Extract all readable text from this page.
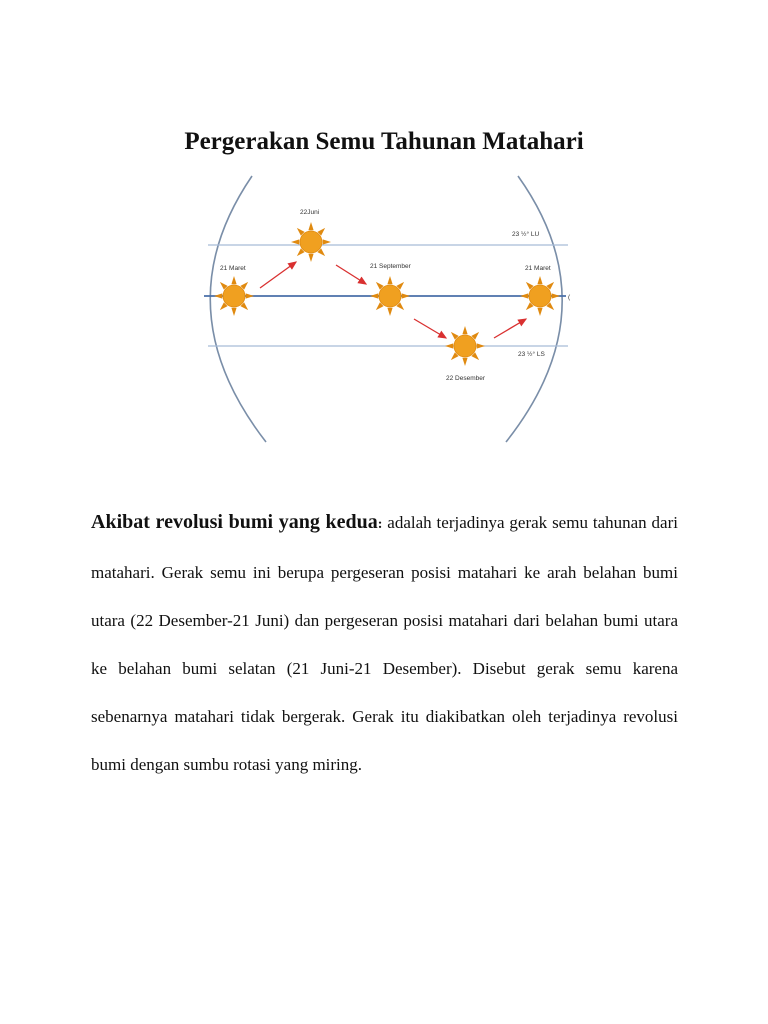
Pergerakan Semu Tahunan Matahari
21 Maret
22Juni
21 September	21 Maret
22 Desember
23 ½° LU
23 ½° LS
(

Akibat revolusi bumi yang kedua: adalah terjadinya gerak semu tahunan dari matahari. Gerak semu ini berupa pergeseran posisi matahari ke arah belahan bumi utara (22 Desember-21 Juni) dan pergeseran posisi matahari dari belahan bumi utara ke belahan bumi selatan (21 Juni-21 Desember). Disebut gerak semu karena sebenarnya matahari tidak bergerak. Gerak itu diakibatkan oleh terjadinya revolusi bumi dengan sumbu rotasi yang miring.
